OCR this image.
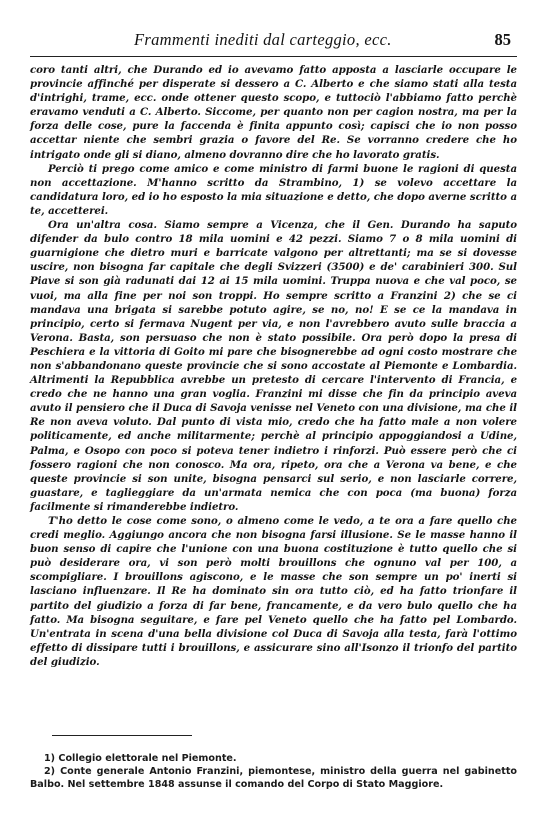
Frammenti inediti dal carteggio, ecc.	85

coro tanti altri, che Durando ed io avevamo fatto apposta a lasciarle occupare le provincie affinché per disperate si dessero a C. Alberto e che siamo stati alla testa d'intrighi, trame, ecc. onde ottener questo scopo, e tuttociò l'abbiamo fatto perchè eravamo venduti a C. Alberto. Siccome, per quanto non per cagion nostra, ma per la forza delle cose, pure la faccenda è finita appunto così; capisci che io non posso accettar niente che sembri grazia o favore del Re. Se vorranno credere che ho intrigato onde gli si diano, almeno dovranno dire che ho lavorato gratis.

Perciò ti prego come amico e come ministro di farmi buone le ragioni di questa non accettazione. M'hanno scritto da Strambino, 1) se volevo accettare la candidatura loro, ed io ho esposto la mia situazione e detto, che dopo averne scritto a te, accetterei.

Ora un'altra cosa. Siamo sempre a Vicenza, che il Gen. Durando ha saputo difender da bulo contro 18 mila uomini e 42 pezzi. Siamo 7 o 8 mila uomini di guarnigione che dietro muri e barricate valgono per altrettanti; ma se si dovesse uscire, non bisogna far capitale che degli Svizzeri (3500) e de' carabinieri 300. Sul Piave si son già radunati dai 12 ai 15 mila uomini. Truppa nuova e che val poco, se vuoi, ma alla fine per noi son troppi. Ho sempre scritto a Franzini 2) che se ci mandava una brigata si sarebbe potuto agire, se no, no! E se ce la mandava in principio, certo si fermava Nugent per via, e non l'avrebbero avuto sulle braccia a Verona. Basta, son persuaso che non è stato possibile. Ora però dopo la presa di Peschiera e la vittoria di Goito mi pare che bisognerebbe ad ogni costo mostrare che non s'abbandonano queste provincie che si sono accostate al Piemonte e Lombardia. Altrimenti la Repubblica avrebbe un pretesto di cercare l'intervento di Francia, e credo che ne hanno una gran voglia. Franzini mi disse che fin da principio aveva avuto il pensiero che il Duca di Savoja venisse nel Veneto con una divisione, ma che il Re non aveva voluto. Dal punto di vista mio, credo che ha fatto male a non volere politicamente, ed anche militarmente; perchè al principio appoggiandosi a Udine, Palma, e Osopo con poco si poteva tener indietro i rinforzi. Può essere però che ci fossero ragioni che non conosco. Ma ora, ripeto, ora che a Verona va bene, e che queste provincie si son unite, bisogna pensarci sul serio, e non lasciarle correre, guastare, e taglieggiare da un'armata nemica che con poca (ma buona) forza facilmente si rimanderebbe indietro.

T'ho detto le cose come sono, o almeno come le vedo, a te ora a fare quello che credi meglio. Aggiungo ancora che non bisogna farsi illusione. Se le masse hanno il buon senso di capire che l'unione con una buona costituzione è tutto quello che si può desiderare ora, vi son però molti brouillons che ognuno val per 100, a scompigliare. I brouillons agiscono, e le masse che son sempre un po' inerti si lasciano influenzare. Il Re ha dominato sin ora tutto ciò, ed ha fatto trionfare il partito del giudizio a forza di far bene, francamente, e da vero bulo quello che ha fatto. Ma bisogna seguitare, e fare pel Veneto quello che ha fatto pel Lombardo. Un'entrata in scena d'una bella divisione col Duca di Savoja alla testa, farà l'ottimo effetto di dissipare tutti i brouillons, e assicurare sino all'Isonzo il trionfo del partito del giudizio.

1) Collegio elettorale nel Piemonte.

2) Conte generale Antonio Franzini, piemontese, ministro della guerra nel gabinetto Balbo. Nel settembre 1848 assunse il comando del Corpo di Stato Maggiore.
